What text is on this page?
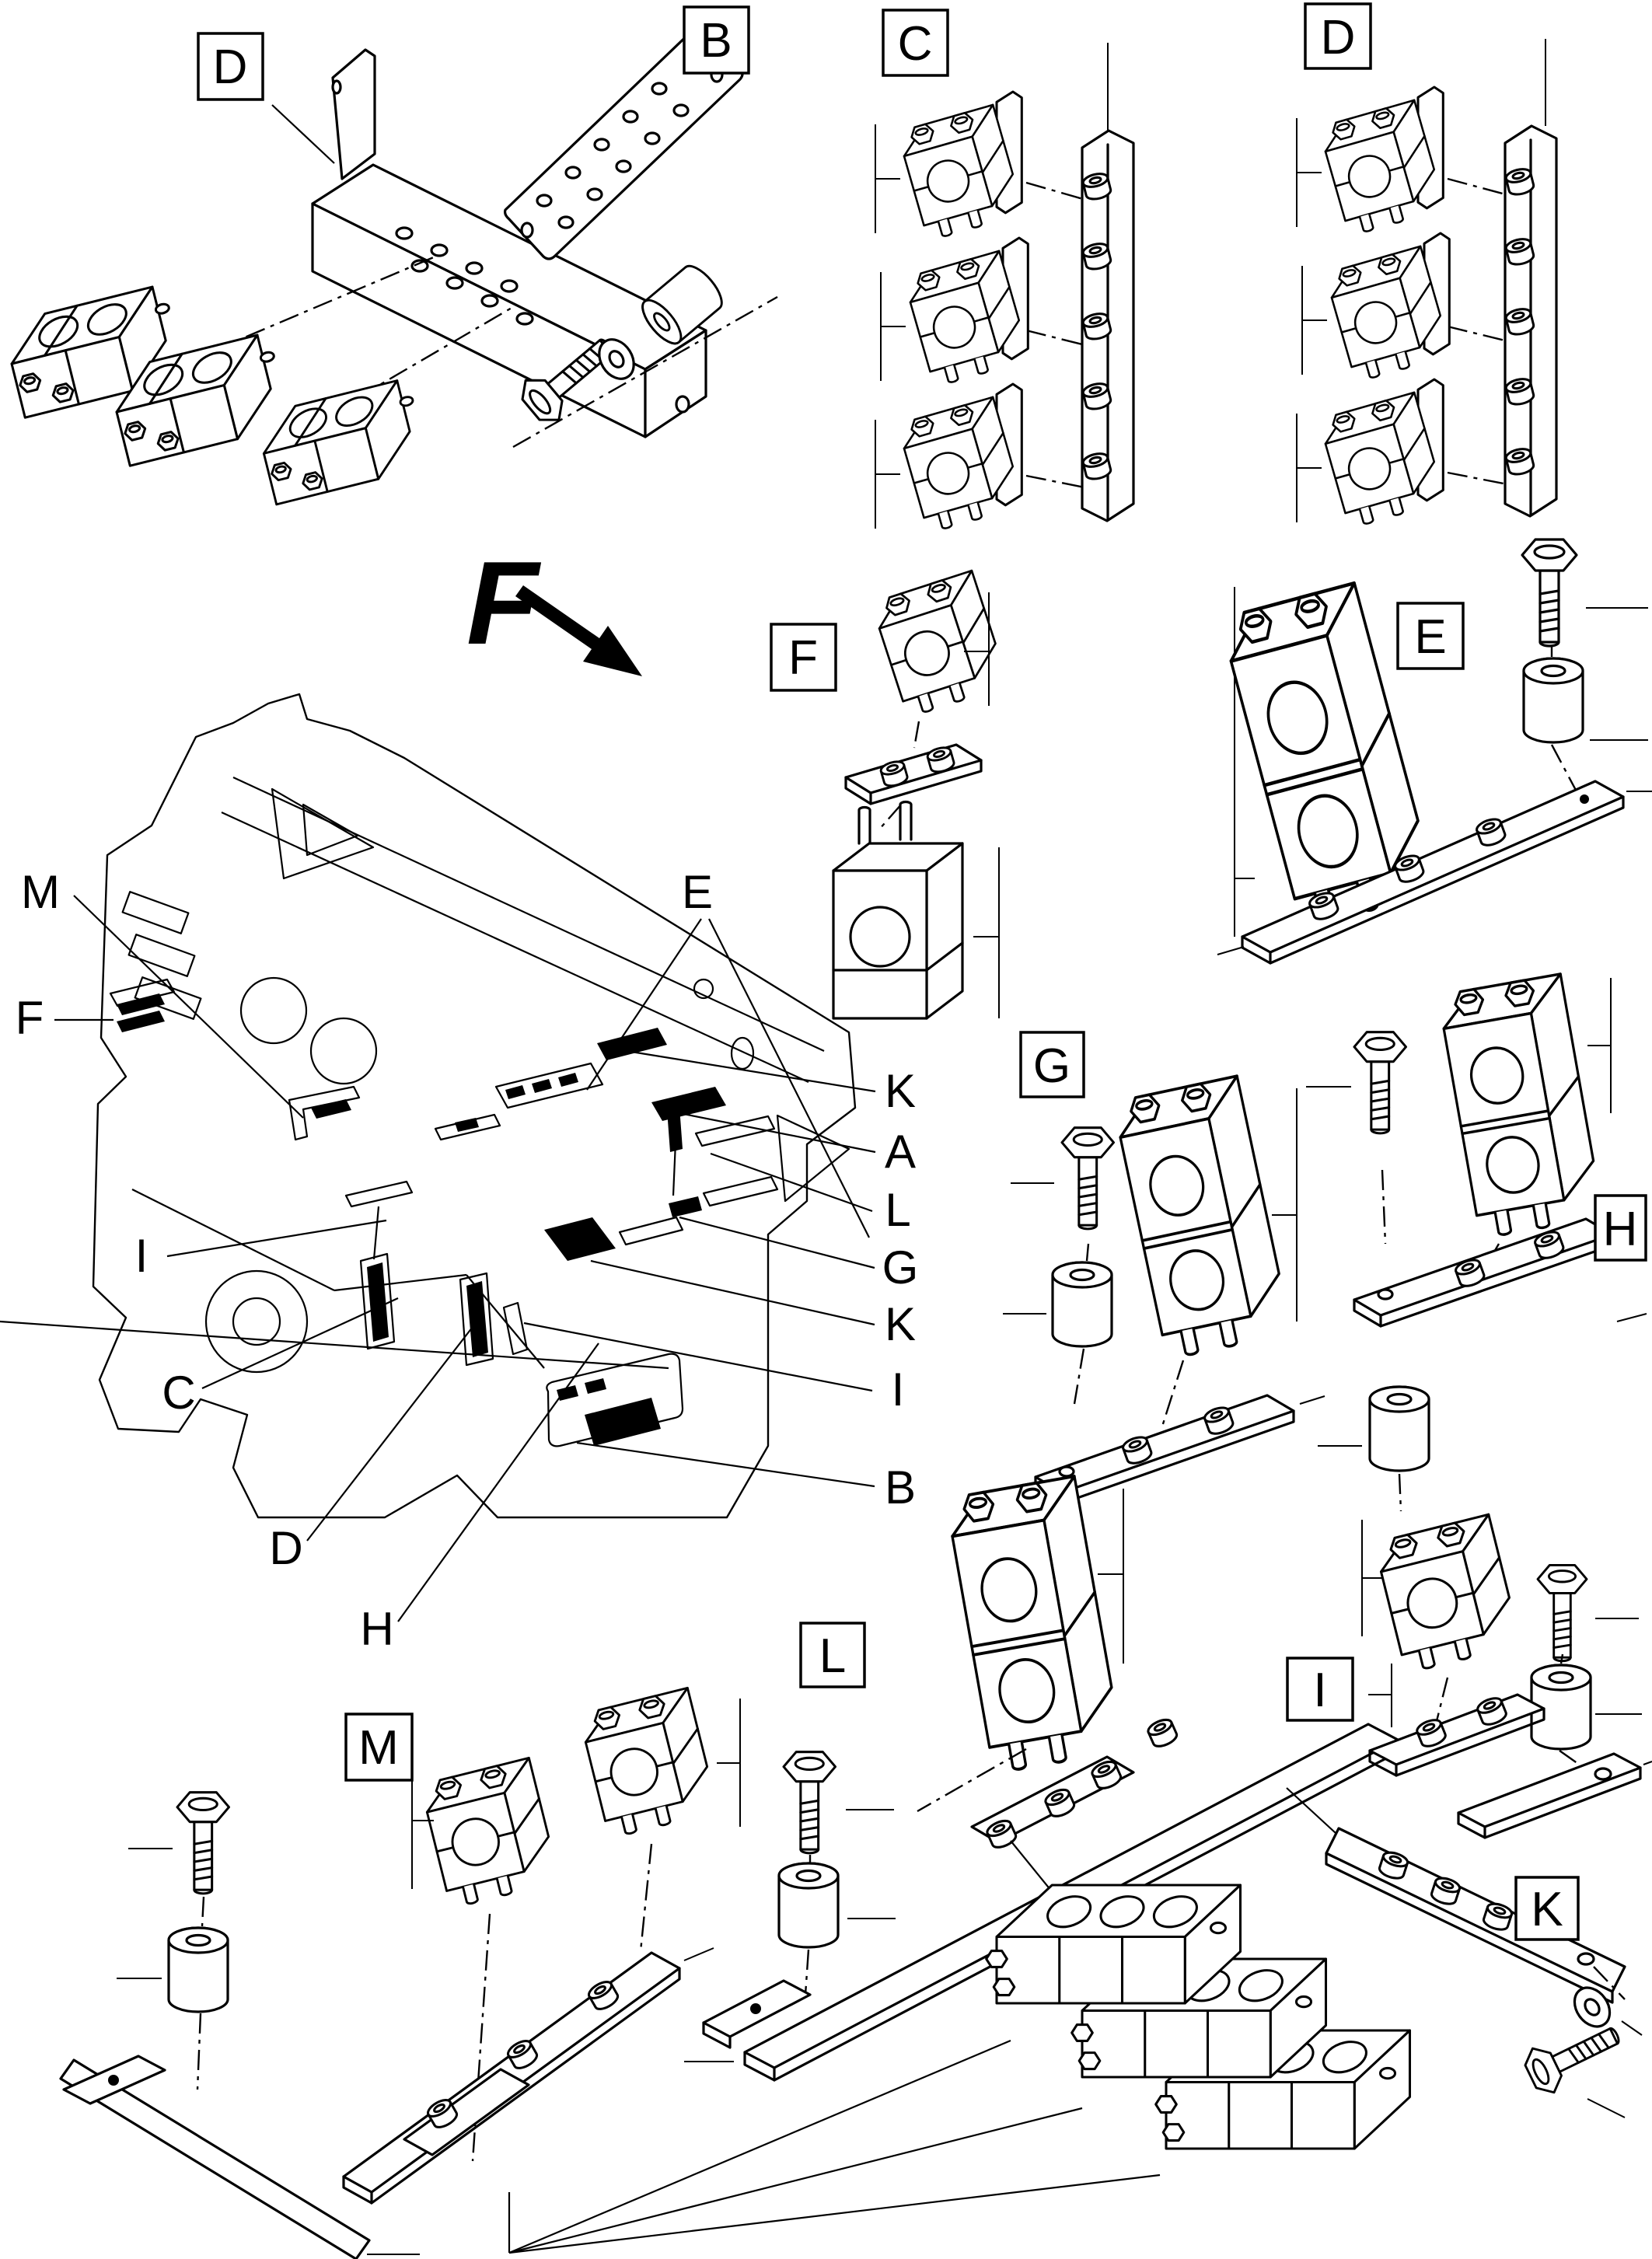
F
D	B	C	D
F	E
G
H
L
M
I
K
M
F
E
I
C
D
H
K
A
L
G
K
I
B
